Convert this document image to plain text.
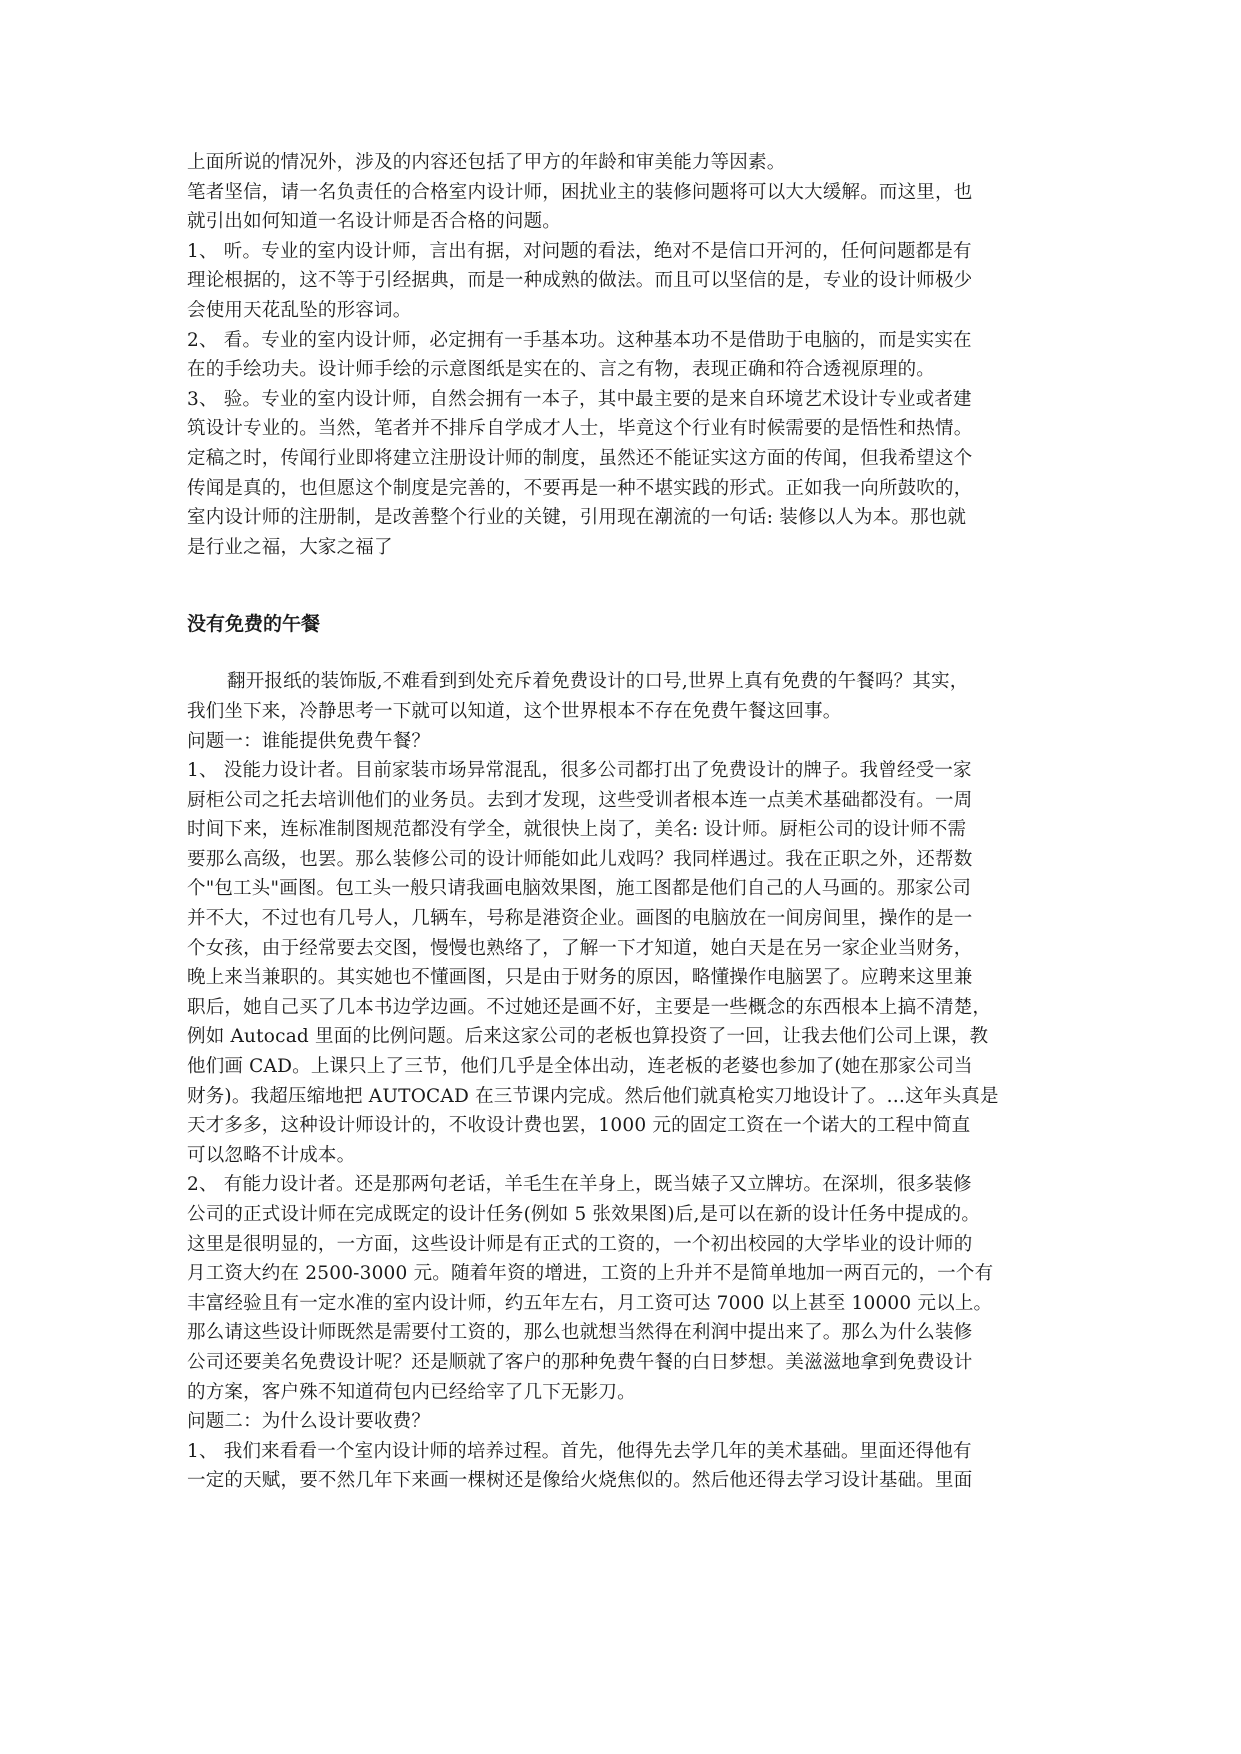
上面所说的情况外，涉及的内容还包括了甲方的年龄和审美能力等因素。
笔者坚信，请一名负责任的合格室内设计师，困扰业主的装修问题将可以大大缓解。而这里，也
就引出如何知道一名设计师是否合格的问题。
1、 听。专业的室内设计师，言出有据，对问题的看法，绝对不是信口开河的，任何问题都是有
理论根据的，这不等于引经据典，而是一种成熟的做法。而且可以坚信的是，专业的设计师极少
会使用天花乱坠的形容词。
2、 看。专业的室内设计师，必定拥有一手基本功。这种基本功不是借助于电脑的，而是实实在
在的手绘功夫。设计师手绘的示意图纸是实在的、言之有物，表现正确和符合透视原理的。
3、 验。专业的室内设计师，自然会拥有一本子，其中最主要的是来自环境艺术设计专业或者建
筑设计专业的。当然，笔者并不排斥自学成才人士，毕竟这个行业有时候需要的是悟性和热情。
定稿之时，传闻行业即将建立注册设计师的制度，虽然还不能证实这方面的传闻，但我希望这个
传闻是真的，也但愿这个制度是完善的，不要再是一种不堪实践的形式。正如我一向所鼓吹的，
室内设计师的注册制，是改善整个行业的关键，引用现在潮流的一句话: 装修以人为本。那也就
是行业之福，大家之福了
没有免费的午餐
翻开报纸的装饰版,不难看到到处充斥着免费设计的口号,世界上真有免费的午餐吗？其实，
我们坐下来，冷静思考一下就可以知道，这个世界根本不存在免费午餐这回事。
问题一：谁能提供免费午餐？
1、 没能力设计者。目前家装市场异常混乱，很多公司都打出了免费设计的牌子。我曾经受一家
厨柜公司之托去培训他们的业务员。去到才发现，这些受训者根本连一点美术基础都没有。一周
时间下来，连标准制图规范都没有学全，就很快上岗了，美名: 设计师。厨柜公司的设计师不需
要那么高级，也罢。那么装修公司的设计师能如此儿戏吗？我同样遇过。我在正职之外，还帮数
个"包工头"画图。包工头一般只请我画电脑效果图，施工图都是他们自己的人马画的。那家公司
并不大，不过也有几号人，几辆车，号称是港资企业。画图的电脑放在一间房间里，操作的是一
个女孩，由于经常要去交图，慢慢也熟络了，了解一下才知道，她白天是在另一家企业当财务，
晚上来当兼职的。其实她也不懂画图，只是由于财务的原因，略懂操作电脑罢了。应聘来这里兼
职后，她自己买了几本书边学边画。不过她还是画不好，主要是一些概念的东西根本上搞不清楚，
例如 Autocad 里面的比例问题。后来这家公司的老板也算投资了一回，让我去他们公司上课，教
他们画 CAD。上课只上了三节，他们几乎是全体出动，连老板的老婆也参加了(她在那家公司当
财务)。我超压缩地把 AUTOCAD 在三节课内完成。然后他们就真枪实刀地设计了。…这年头真是
天才多多，这种设计师设计的，不收设计费也罢，1000 元的固定工资在一个诺大的工程中简直
可以忽略不计成本。
2、 有能力设计者。还是那两句老话，羊毛生在羊身上，既当婊子又立牌坊。在深圳，很多装修
公司的正式设计师在完成既定的设计任务(例如 5 张效果图)后,是可以在新的设计任务中提成的。
这里是很明显的，一方面，这些设计师是有正式的工资的，一个初出校园的大学毕业的设计师的
月工资大约在 2500-3000 元。随着年资的增进，工资的上升并不是简单地加一两百元的，一个有
丰富经验且有一定水准的室内设计师，约五年左右，月工资可达 7000 以上甚至 10000 元以上。
那么请这些设计师既然是需要付工资的，那么也就想当然得在利润中提出来了。那么为什么装修
公司还要美名免费设计呢？还是顺就了客户的那种免费午餐的白日梦想。美滋滋地拿到免费设计
的方案，客户殊不知道荷包内已经给宰了几下无影刀。
问题二：为什么设计要收费？
1、 我们来看看一个室内设计师的培养过程。首先，他得先去学几年的美术基础。里面还得他有
一定的天赋，要不然几年下来画一棵树还是像给火烧焦似的。然后他还得去学习设计基础。里面
